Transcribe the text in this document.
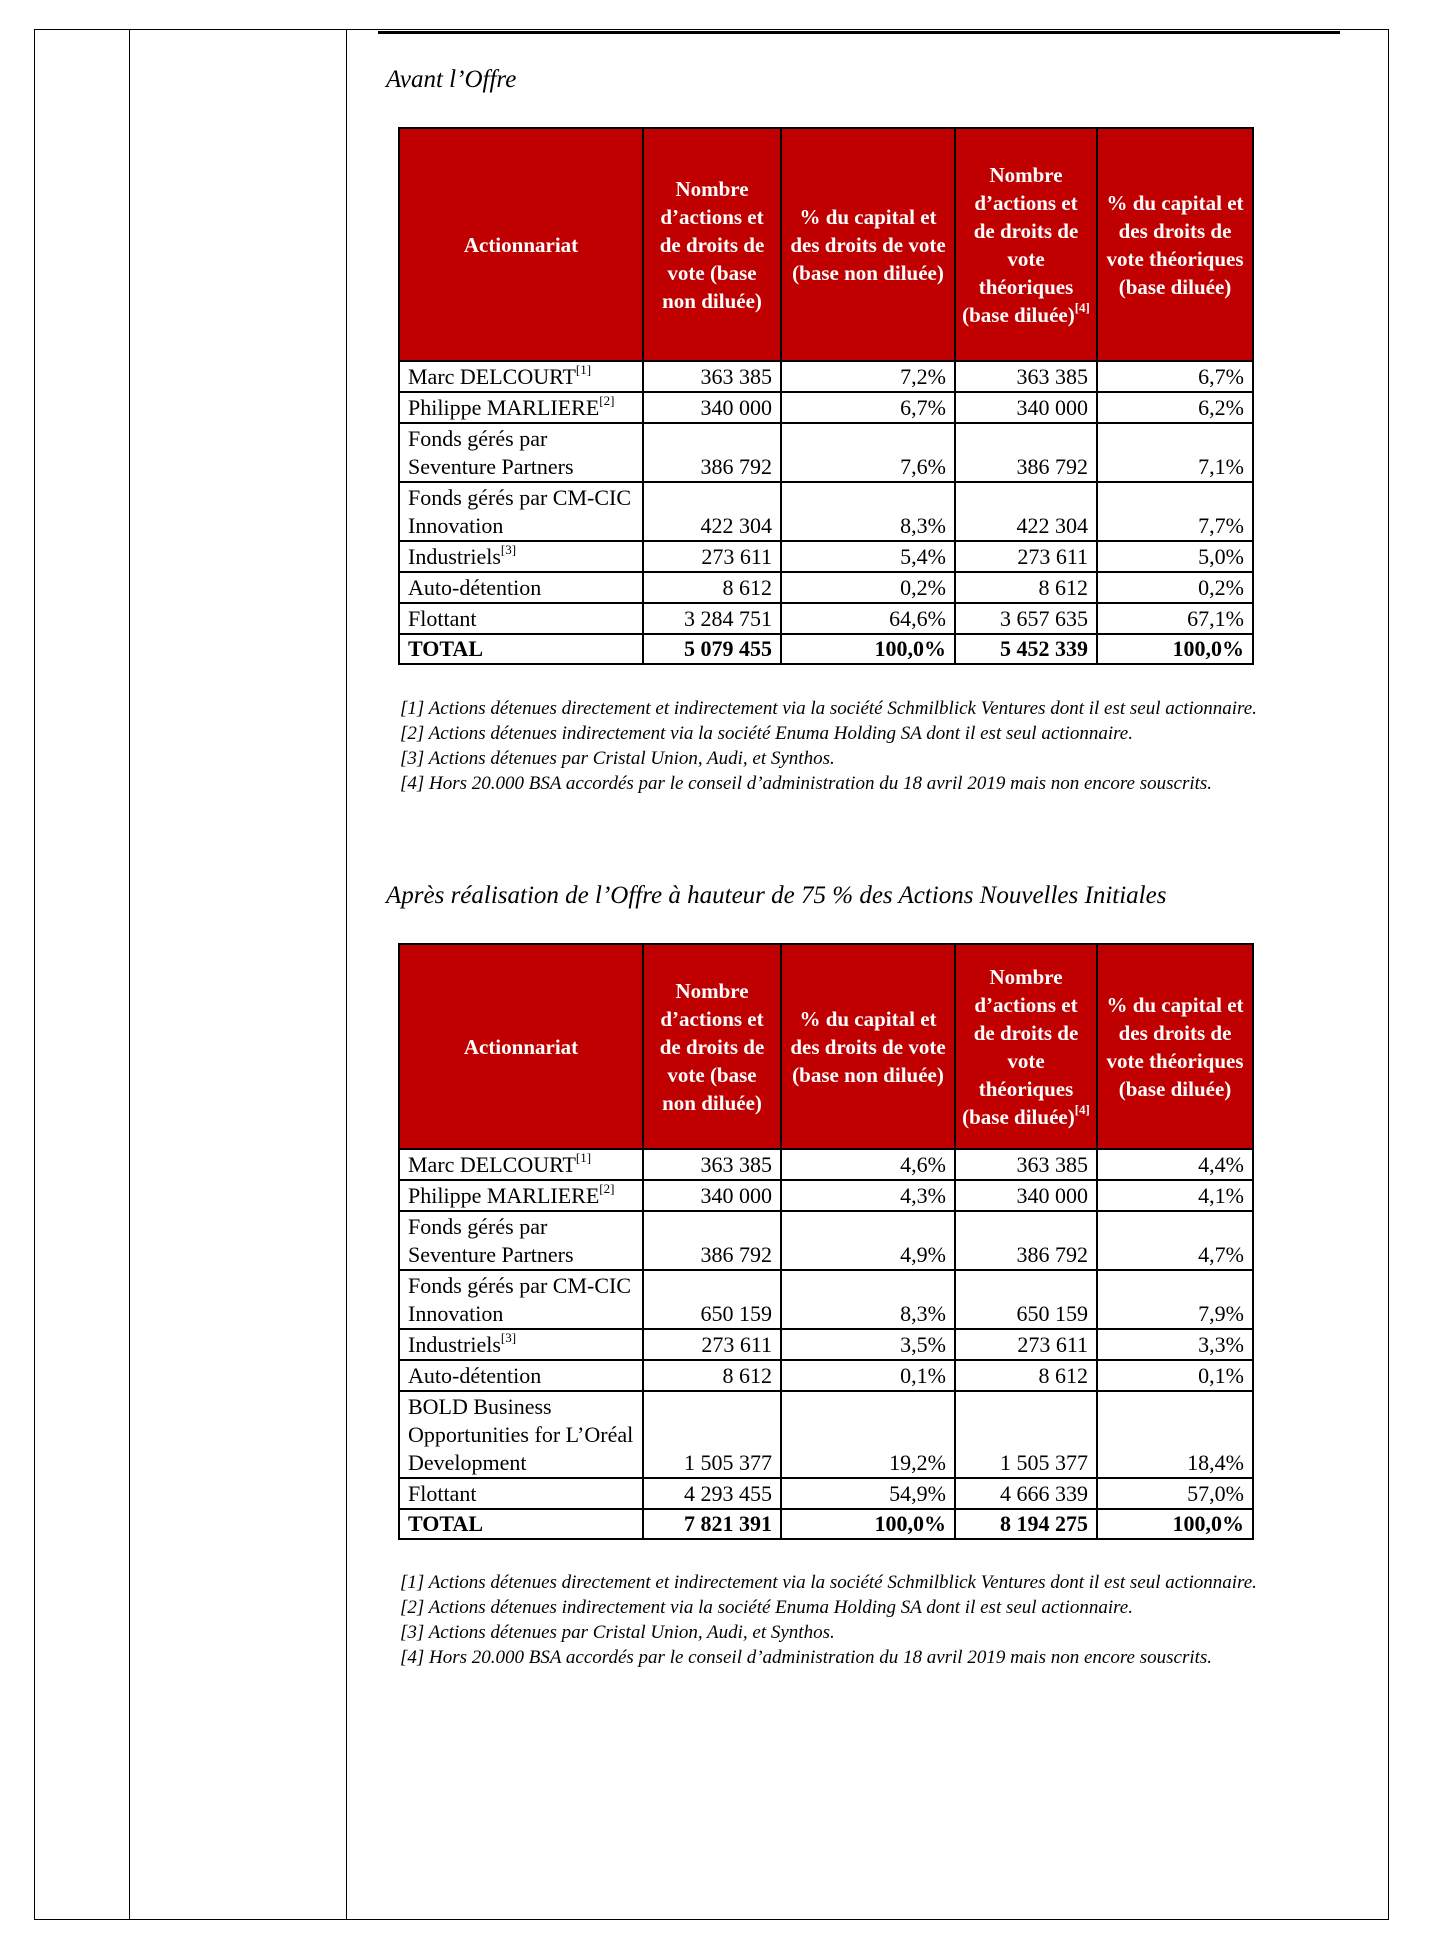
Avant l’Offre
Actionnariat	Nombre d’actions et de droits de vote (base non diluée)	% du capital et des droits de vote (base non diluée)	Nombre d’actions et de droits de vote théoriques (base diluée)[4]	% du capital et des droits de vote théoriques (base diluée)
Marc DELCOURT[1]	363 385	7,2%	363 385	6,7%
Philippe MARLIERE[2]	340 000	6,7%	340 000	6,2%
Fonds gérés par Seventure Partners	386 792	7,6%	386 792	7,1%
Fonds gérés par CM-CIC Innovation	422 304	8,3%	422 304	7,7%
Industriels[3]	273 611	5,4%	273 611	5,0%
Auto-détention	8 612	0,2%	8 612	0,2%
Flottant	3 284 751	64,6%	3 657 635	67,1%
TOTAL	5 079 455	100,0%	5 452 339	100,0%

[1] Actions détenues directement et indirectement via la société Schmilblick Ventures dont il est seul actionnaire.

[2] Actions détenues indirectement via la société Enuma Holding SA dont il est seul actionnaire.

[3] Actions détenues par Cristal Union, Audi, et Synthos.

[4] Hors 20.000 BSA accordés par le conseil d’administration du 18 avril 2019 mais non encore souscrits.

Après réalisation de l’Offre à hauteur de 75 % des Actions Nouvelles Initiales
Actionnariat	Nombre d’actions et de droits de vote (base non diluée)	% du capital et des droits de vote (base non diluée)	Nombre d’actions et de droits de vote théoriques (base diluée)[4]	% du capital et des droits de vote théoriques (base diluée)
Marc DELCOURT[1]	363 385	4,6%	363 385	4,4%
Philippe MARLIERE[2]	340 000	4,3%	340 000	4,1%
Fonds gérés par Seventure Partners	386 792	4,9%	386 792	4,7%
Fonds gérés par CM-CIC Innovation	650 159	8,3%	650 159	7,9%
Industriels[3]	273 611	3,5%	273 611	3,3%
Auto-détention	8 612	0,1%	8 612	0,1%
BOLD Business Opportunities for L’Oréal Development	1 505 377	19,2%	1 505 377	18,4%
Flottant	4 293 455	54,9%	4 666 339	57,0%
TOTAL	7 821 391	100,0%	8 194 275	100,0%

[1] Actions détenues directement et indirectement via la société Schmilblick Ventures dont il est seul actionnaire.

[2] Actions détenues indirectement via la société Enuma Holding SA dont il est seul actionnaire.

[3] Actions détenues par Cristal Union, Audi, et Synthos.

[4] Hors 20.000 BSA accordés par le conseil d’administration du 18 avril 2019 mais non encore souscrits.
